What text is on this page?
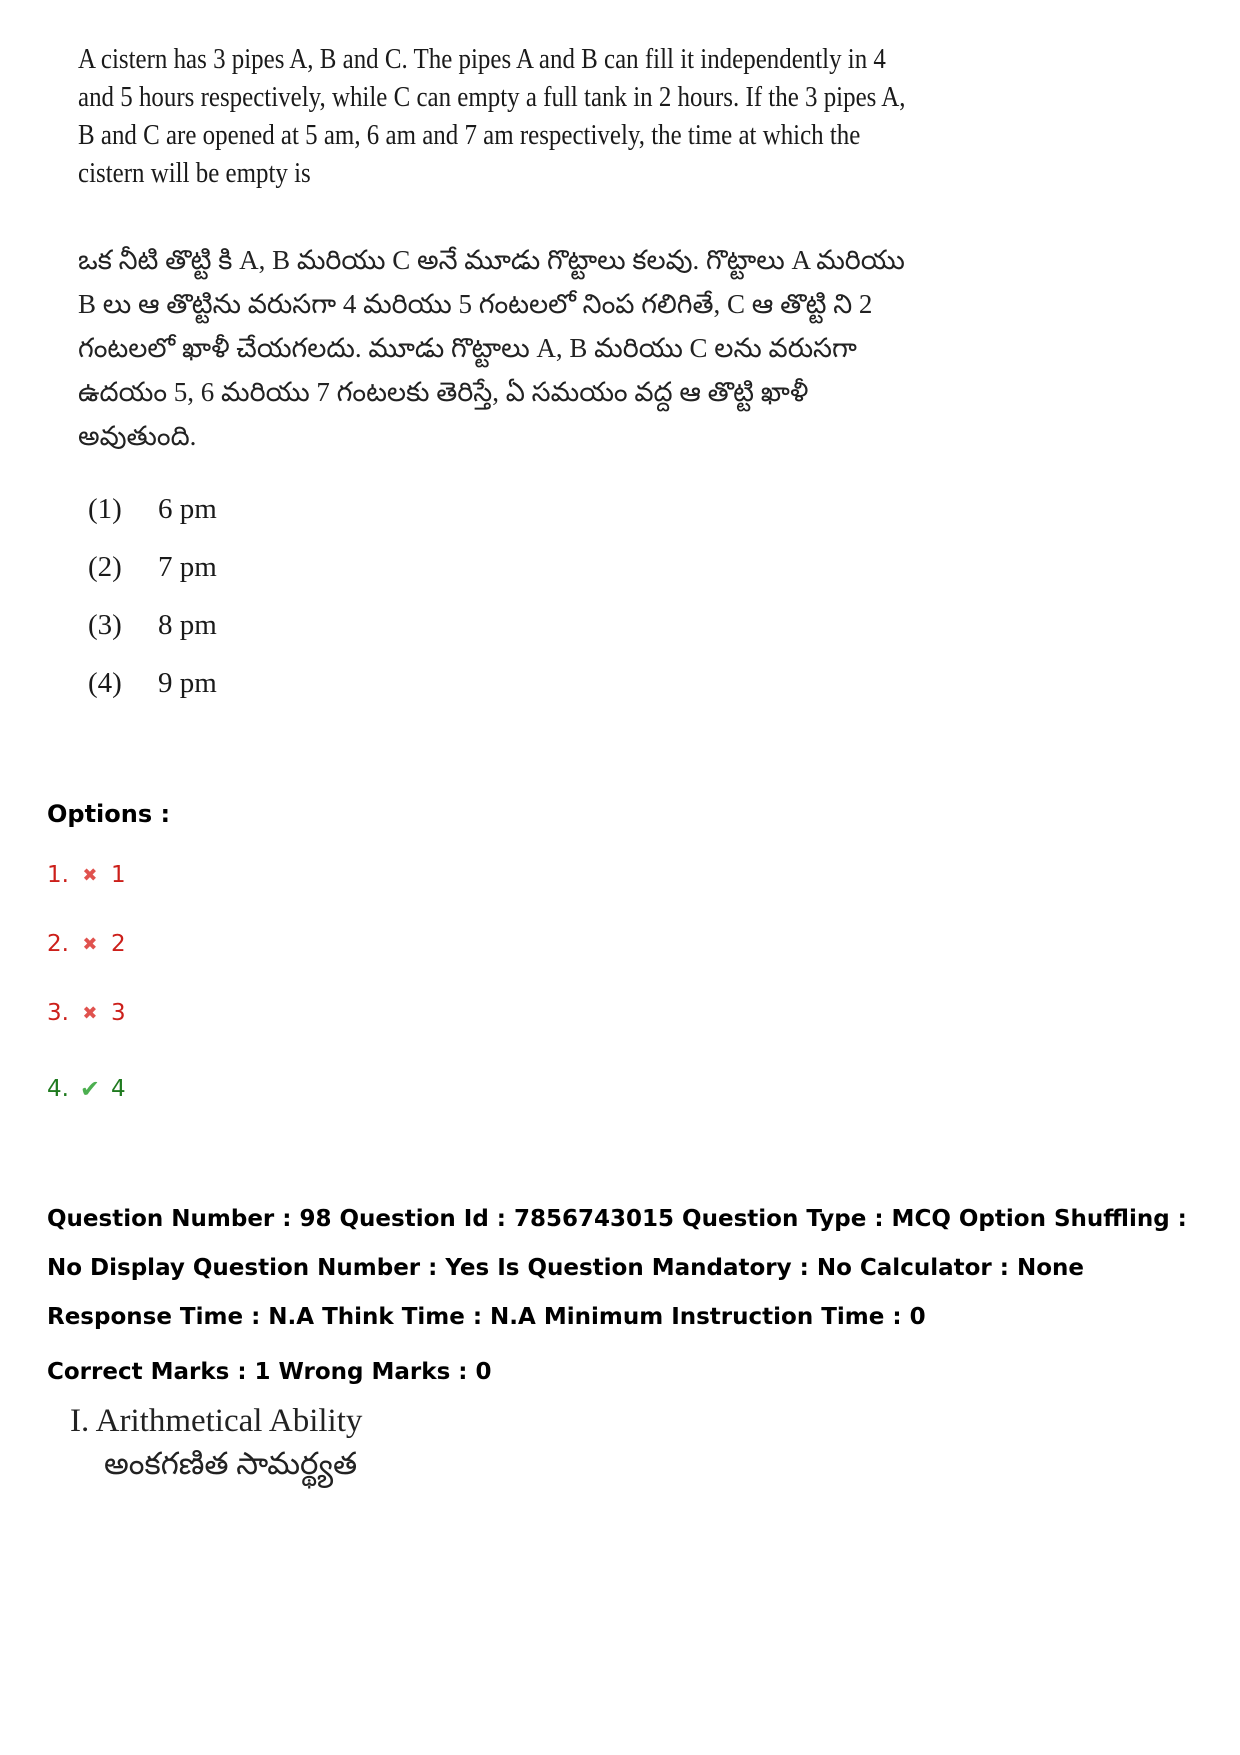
A cistern has 3 pipes A, B and C. The pipes A and B can fill it independently in 4 and 5 hours respectively, while C can empty a full tank in 2 hours. If the 3 pipes A, B and C are opened at 5 am, 6 am and 7 am respectively, the time at which the cistern will be empty is

ఒక నీటి తొట్టి కి A, B మరియు C అనే మూడు గొట్టాలు కలవు. గొట్టాలు A మరియు B లు ఆ తొట్టిను వరుసగా 4 మరియు 5 గంటలలో నింప గలిగితే, C ఆ తొట్టి ని 2 గంటలలో ఖాళీ చేయగలదు. మూడు గొట్టాలు A, B మరియు C లను వరుసగా ఉదయం 5, 6 మరియు 7 గంటలకు తెరిస్తే, ఏ సమయం వద్ద ఆ తొట్టి ఖాళీ అవుతుంది.

(1)	6 pm
(2)	7 pm
(3)	8 pm
(4)	9 pm
Options :
1. ✖ 1
2. ✖ 2
3. ✖ 3
4. ✔ 4
Question Number : 98 Question Id : 7856743015 Question Type : MCQ Option Shuffling : No Display Question Number : Yes Is Question Mandatory : No Calculator : None Response Time : N.A Think Time : N.A Minimum Instruction Time : 0
Correct Marks : 1 Wrong Marks : 0
I. Arithmetical Ability
అంకగణిత సామర్థ్యత
